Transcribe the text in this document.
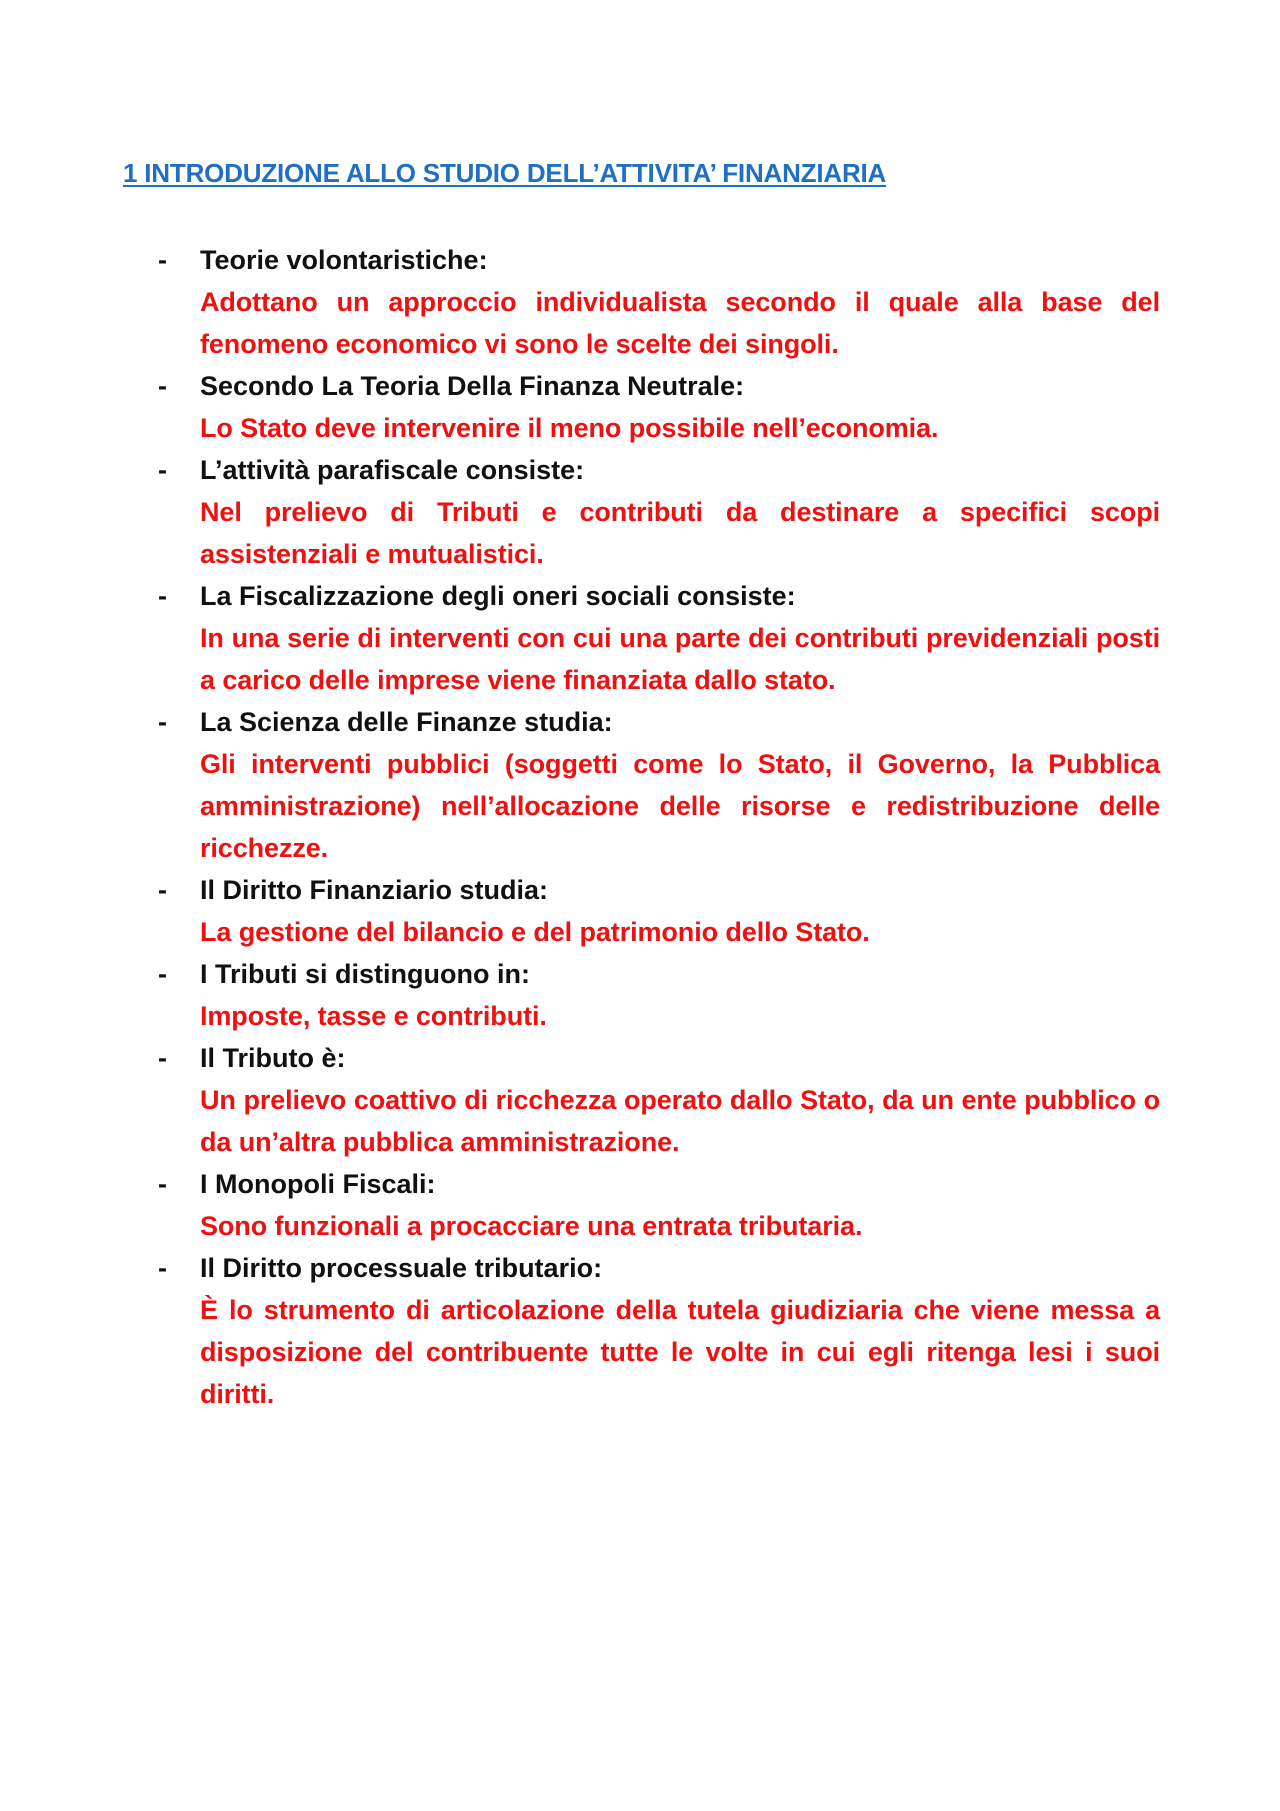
1 INTRODUZIONE ALLO STUDIO DELL’ATTIVITA’ FINANZIARIA
- Teorie volontaristiche:
Adottano un approccio individualista secondo il quale alla base del fenomeno economico vi sono le scelte dei singoli.
- Secondo La Teoria Della Finanza Neutrale:
Lo Stato deve intervenire il meno possibile nell’economia.
- L’attività parafiscale consiste:
Nel prelievo di Tributi e contributi da destinare a specifici scopi assistenziali e mutualistici.
- La Fiscalizzazione degli oneri sociali consiste:
In una serie di interventi con cui una parte dei contributi previdenziali posti a carico delle imprese viene finanziata dallo stato.
- La Scienza delle Finanze studia:
Gli interventi pubblici (soggetti come lo Stato, il Governo, la Pubblica amministrazione) nell’allocazione delle risorse e redistribuzione delle ricchezze.
- Il Diritto Finanziario studia:
La gestione del bilancio e del patrimonio dello Stato.
- I Tributi si distinguono in:
Imposte, tasse e contributi.
- Il Tributo è:
Un prelievo coattivo di ricchezza operato dallo Stato, da un ente pubblico o da un’altra pubblica amministrazione.
- I Monopoli Fiscali:
Sono funzionali a procacciare una entrata tributaria.
- Il Diritto processuale tributario:
È lo strumento di articolazione della tutela giudiziaria che viene messa a disposizione del contribuente tutte le volte in cui egli ritenga lesi i suoi diritti.
